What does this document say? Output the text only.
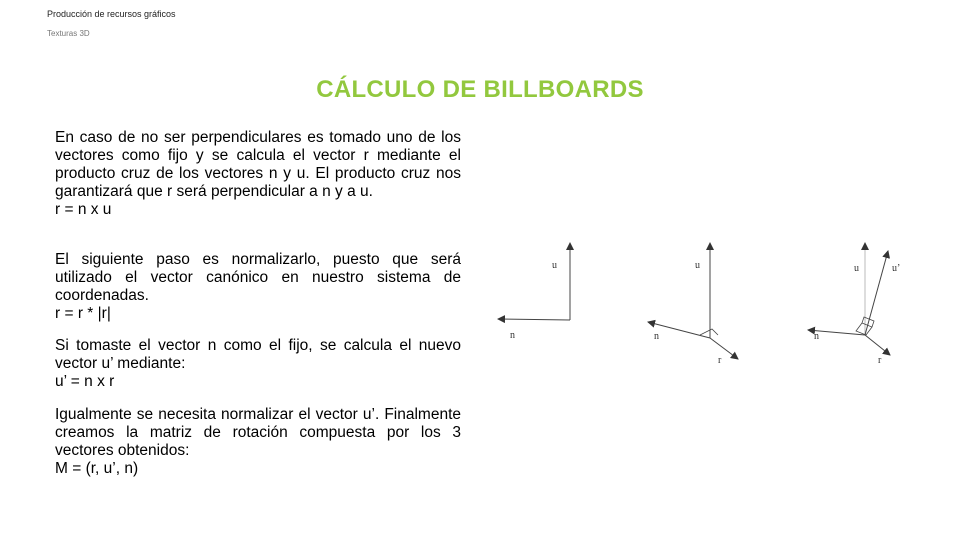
Producción de recursos gráficos
Texturas 3D
CÁLCULO DE BILLBOARDS

En caso de no ser perpendiculares es tomado uno de los vectores como fijo y se calcula el vector r mediante el producto cruz de los vectores n y u. El producto cruz nos garantizará que r será perpendicular a n y a u.

r = n x u

El siguiente paso es normalizarlo, puesto que será utilizado el vector canónico en nuestro sistema de coordenadas.

r = r * |r|

Si tomaste el vector n como el fijo, se calcula el nuevo vector u’ mediante:

u’ = n x r

Igualmente se necesita normalizar el vector u’. Finalmente creamos la matriz de rotación compuesta por los 3 vectores obtenidos:

M = (r, u’, n)

u
n
u
n
r
u	u’
n
r
